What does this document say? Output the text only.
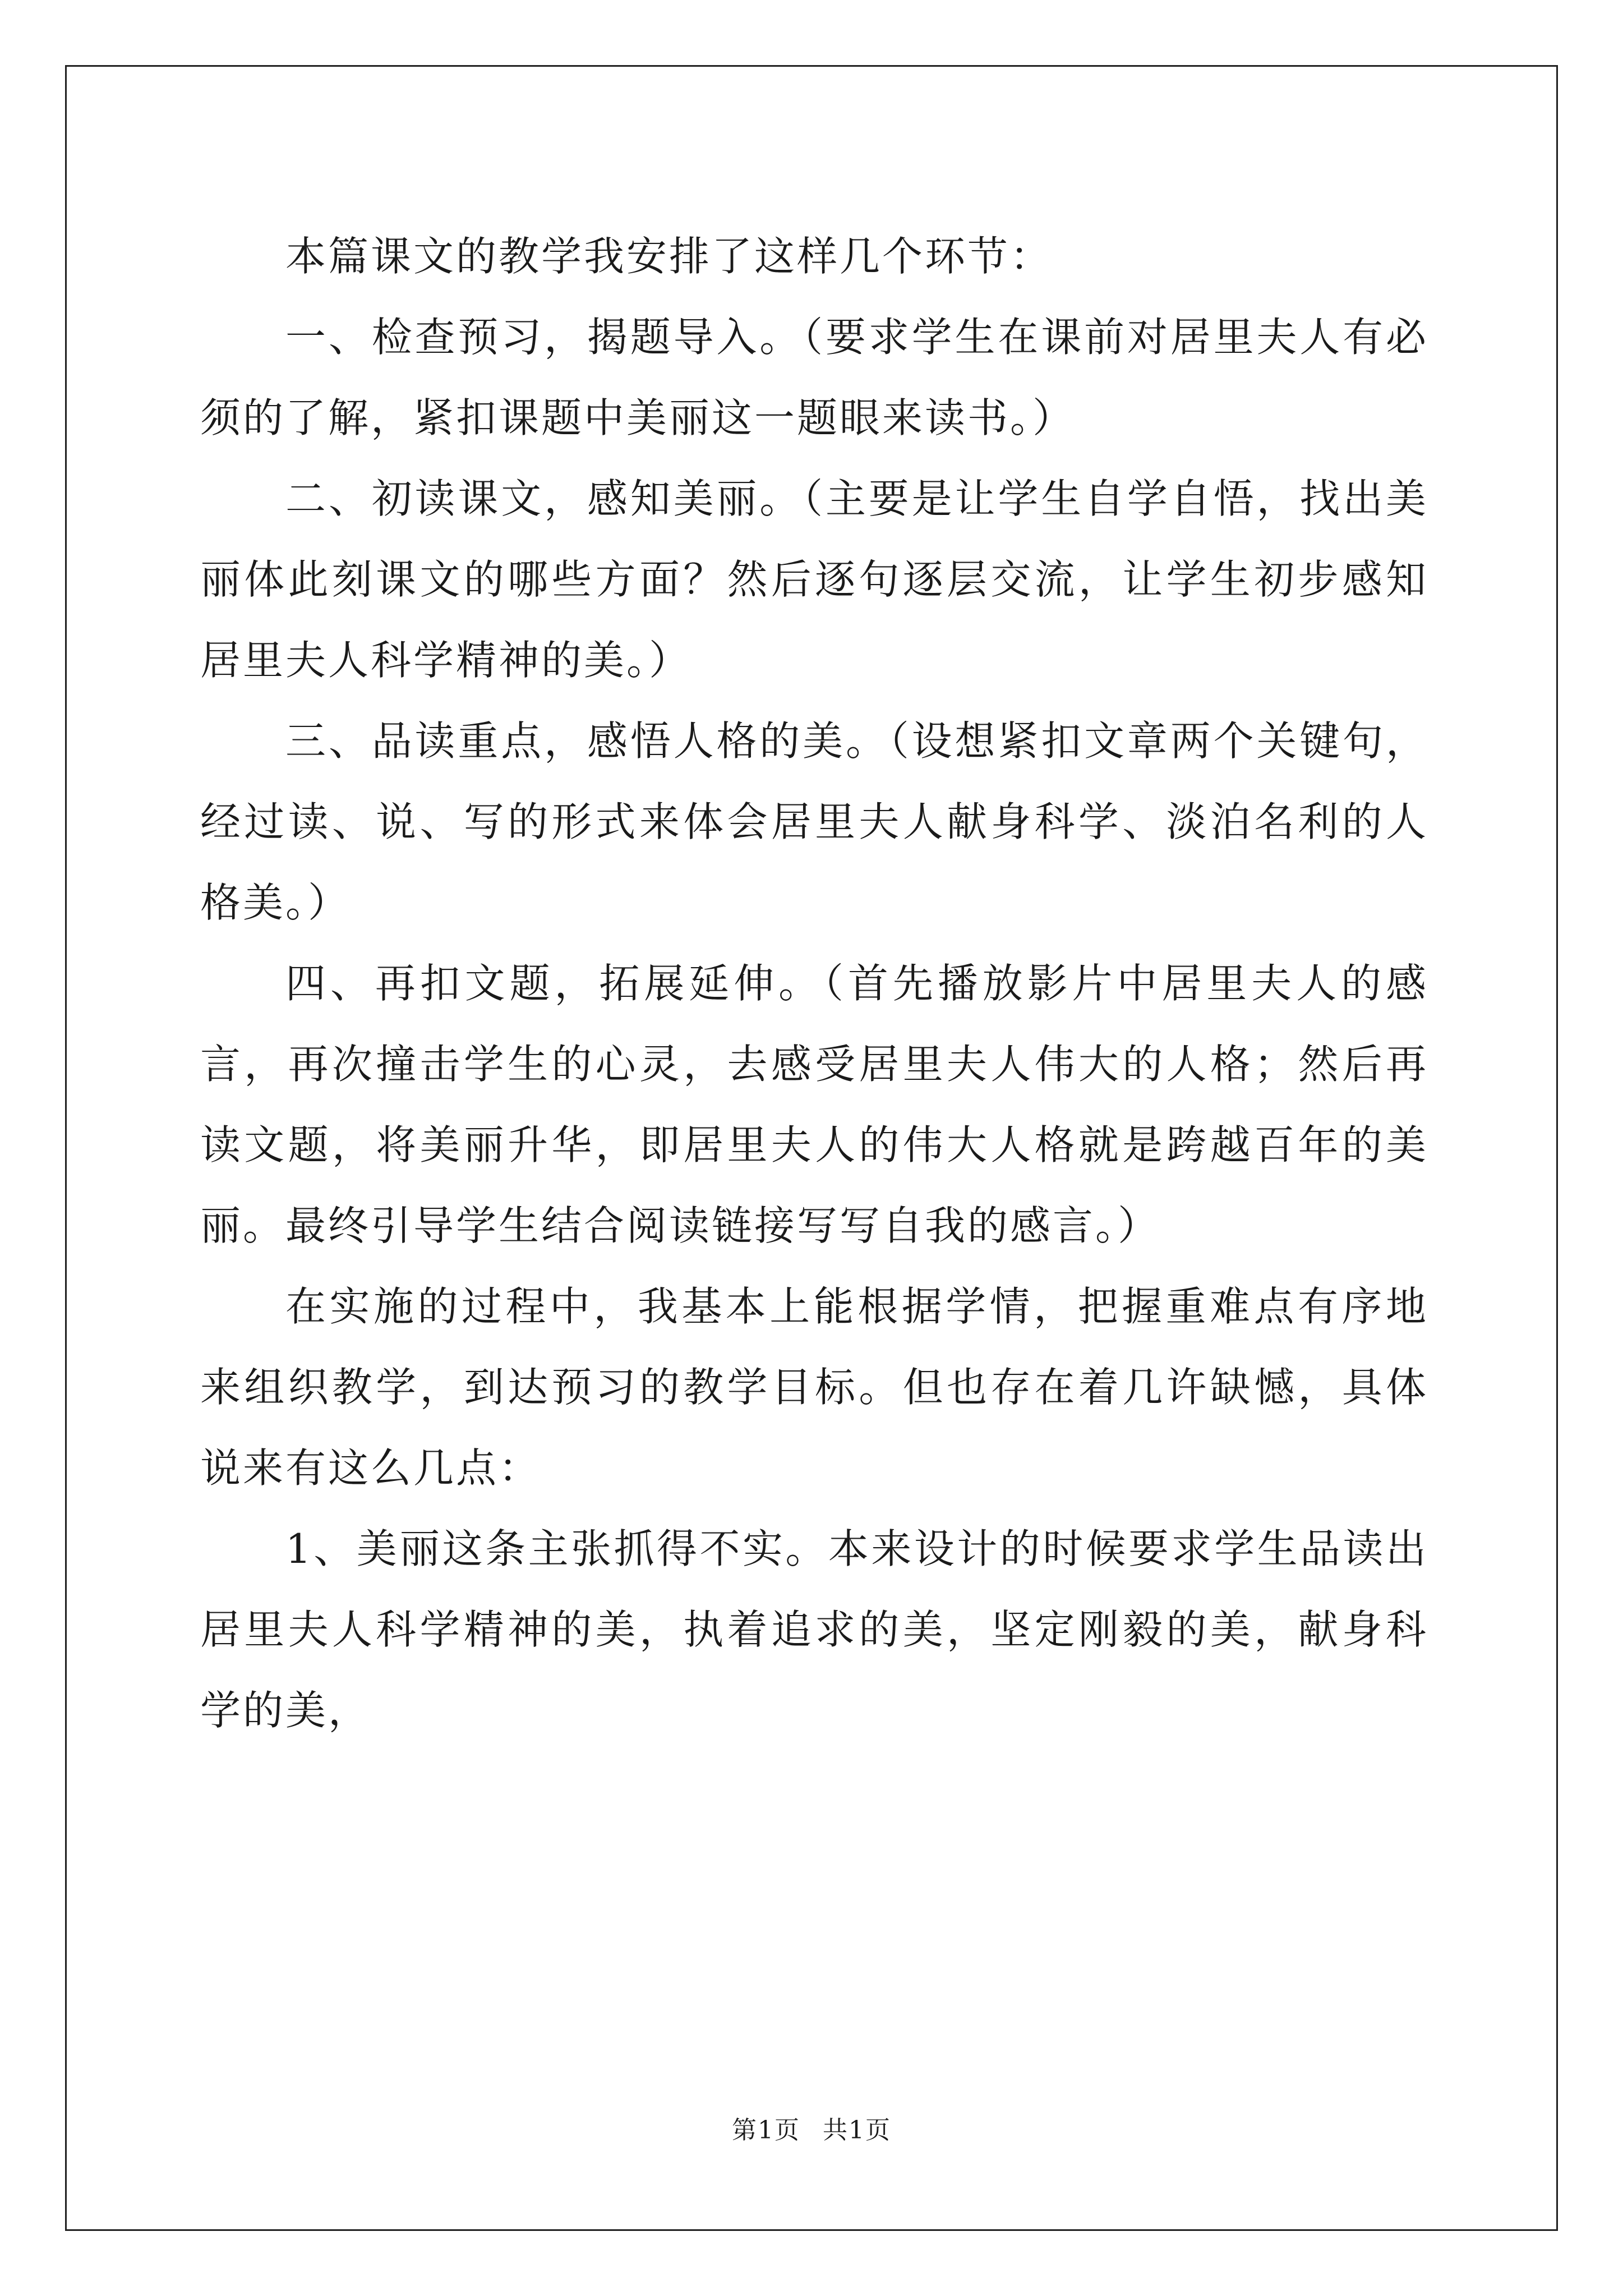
本篇课文的教学我安排了这样几个环节：

一、检查预习，揭题导入。（要求学生在课前对居里夫人有必须的了解，紧扣课题中美丽这一题眼来读书。）

二、初读课文，感知美丽。（主要是让学生自学自悟，找出美丽体此刻课文的哪些方面？然后逐句逐层交流，让学生初步感知居里夫人科学精神的美。）

三、品读重点，感悟人格的美。（设想紧扣文章两个关键句，经过读、说、写的形式来体会居里夫人献身科学、淡泊名利的人格美。）

四、再扣文题，拓展延伸。（首先播放影片中居里夫人的感言，再次撞击学生的心灵，去感受居里夫人伟大的人格；然后再读文题，将美丽升华，即居里夫人的伟大人格就是跨越百年的美丽。最终引导学生结合阅读链接写写自我的感言。）

在实施的过程中，我基本上能根据学情，把握重难点有序地来组织教学，到达预习的教学目标。但也存在着几许缺憾，具体说来有这么几点：

1、美丽这条主张抓得不实。本来设计的时候要求学生品读出居里夫人科学精神的美，执着追求的美，坚定刚毅的美，献身科学的美，

第1页 共1页
